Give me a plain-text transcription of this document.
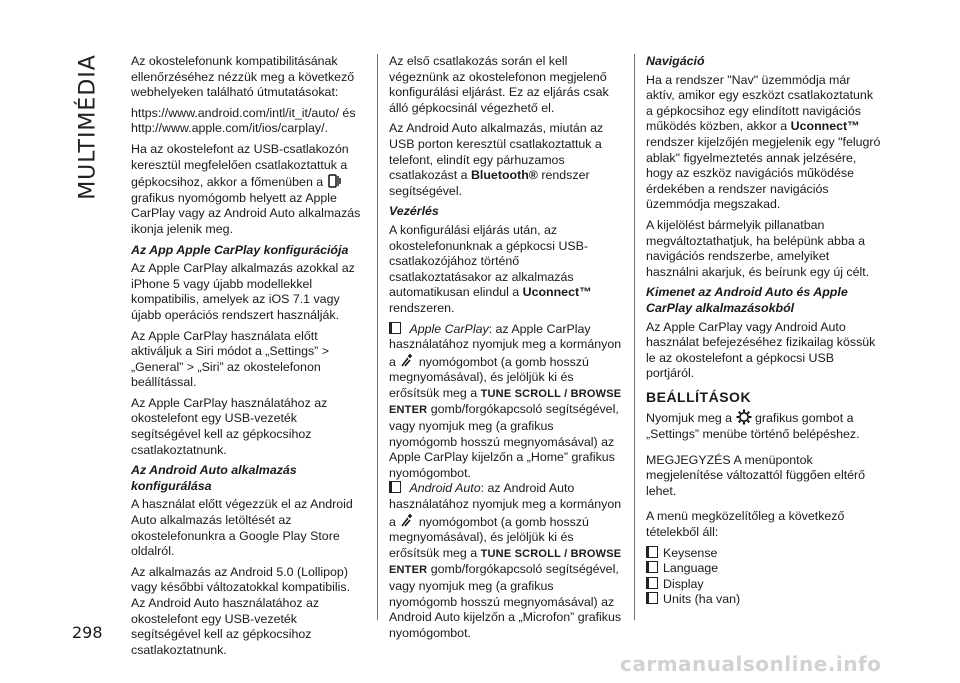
MULTIMÉDIA
298

Az okostelefonunk kompatibilitásának ellenőrzéséhez nézzük meg a következő webhelyeken található útmutatásokat:

https://www.android.com/intl/it_it/auto/ és http://www.apple.com/it/ios/carplay/.

Ha az okostelefont az USB-csatlakozón keresztül megfelelően csatlakoztattuk a gépkocsihoz, akkor a főmenüben a  grafikus nyomógomb helyett az Apple CarPlay vagy az Android Auto alkalmazás ikonja jelenik meg.

Az App Apple CarPlay konfigurációja

Az Apple CarPlay alkalmazás azokkal az iPhone 5 vagy újabb modellekkel kompatibilis, amelyek az iOS 7.1 vagy újabb operációs rendszert használják.

Az Apple CarPlay használata előtt aktiváljuk a Siri módot a „Settings” > „General” > „Siri” az okostelefonon beállítással.

Az Apple CarPlay használatához az okostelefont egy USB-vezeték segítségével kell az gépkocsihoz csatlakoztatnunk.

Az Android Auto alkalmazás konfigurálása

A használat előtt végezzük el az Android Auto alkalmazás letöltését az okostelefonunkra a Google Play Store oldalról.

Az alkalmazás az Android 5.0 (Lollipop) vagy későbbi változatokkal kompatibilis.

Az Android Auto használatához az okostelefont egy USB-vezeték segítségével kell az gépkocsihoz csatlakoztatnunk.

Az első csatlakozás során el kell végeznünk az okostelefonon megjelenő konfigurálási eljárást. Ez az eljárás csak álló gépkocsinál végezhető el.

Az Android Auto alkalmazás, miután az USB porton keresztül csatlakoztattuk a telefont, elindít egy párhuzamos csatlakozást a Bluetooth® rendszer segítségével.

Vezérlés

A konfigurálási eljárás után, az okostelefonunknak a gépkocsi USB-csatlakozójához történő csatlakoztatásakor az alkalmazás automatikusan elindul a Uconnect™ rendszeren.

Apple CarPlay: az Apple CarPlay használatához nyomjuk meg a kormányon a nyomógombot (a gomb hosszú megnyomásával), és jelöljük ki és erősítsük meg a TUNE SCROLL / BROWSE ENTER gomb/forgókapcsoló segítségével, vagy nyomjuk meg (a grafikus nyomógomb hosszú megnyomásával) az Apple CarPlay kijelzőn a „Home” grafikus nyomógombot.

Android Auto: az Android Auto használatához nyomjuk meg a kormányon a nyomógombot (a gomb hosszú megnyomásával), és jelöljük ki és erősítsük meg a TUNE SCROLL / BROWSE ENTER gomb/forgókapcsoló segítségével, vagy nyomjuk meg (a grafikus nyomógomb hosszú megnyomásával) az Android Auto kijelzőn a „Microfon” grafikus nyomógombot.

Navigáció

Ha a rendszer "Nav" üzemmódja már aktív, amikor egy eszközt csatlakoztatunk a gépkocsihoz egy elindított navigációs működés közben, akkor a Uconnect™ rendszer kijelzőjén megjelenik egy "felugró ablak" figyelmeztetés annak jelzésére, hogy az eszköz navigációs működése érdekében a rendszer navigációs üzemmódja megszakad.

A kijelölést bármelyik pillanatban megváltoztathatjuk, ha belépünk abba a navigációs rendszerbe, amelyiket használni akarjuk, és beírunk egy új célt.

Kimenet az Android Auto és Apple CarPlay alkalmazásokból

Az Apple CarPlay vagy Android Auto használat befejezéséhez fizikailag kössük le az okostelefont a gépkocsi USB portjáról.

BEÁLLÍTÁSOK

Nyomjuk meg a grafikus gombot a „Settings” menübe történő belépéshez.

MEGJEGYZÉS A menüpontok megjelenítése változattól függően eltérő lehet.

A menü megközelítőleg a következő tételekből áll:

Keysense

Language

Display

Units (ha van)

carmanualsonline.info
